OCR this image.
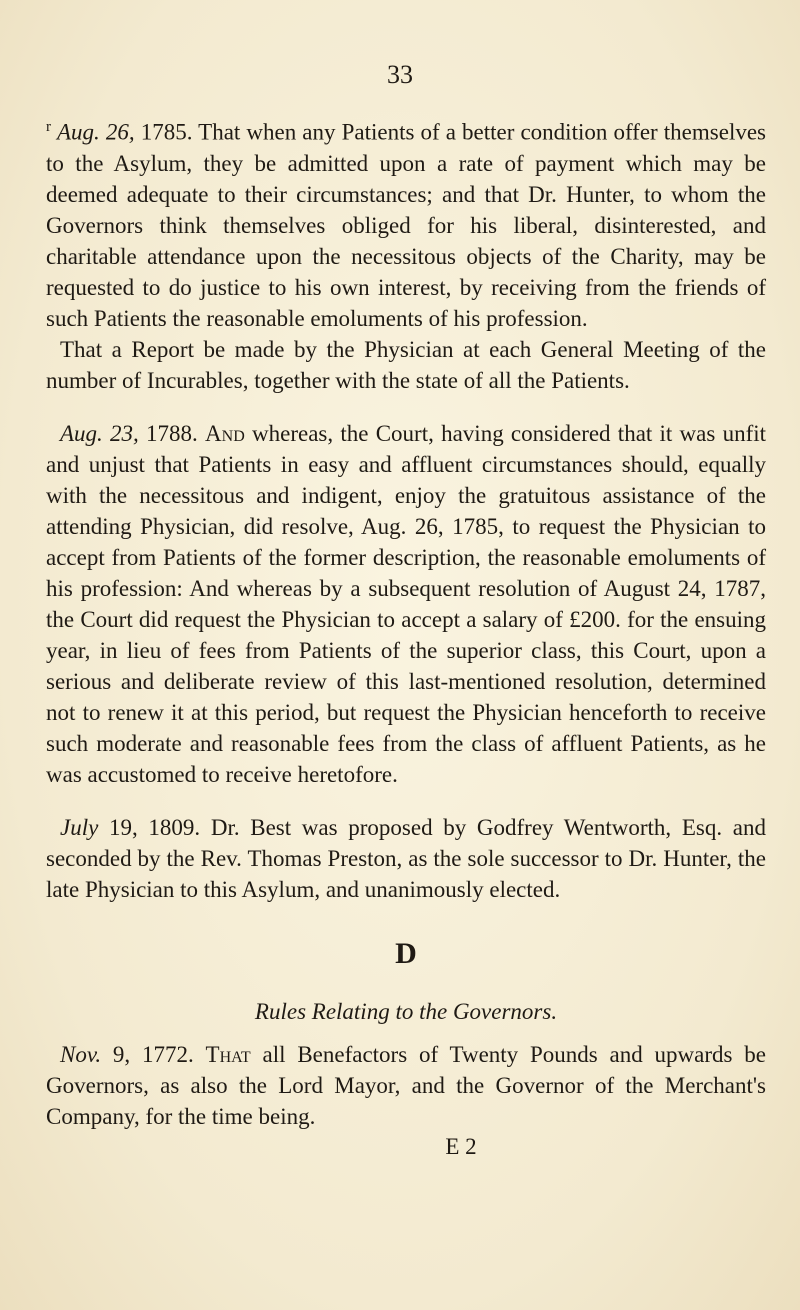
33

$^r$ Aug. 26, 1785. That when any Patients of a better condition offer themselves to the Asylum, they be admitted upon a rate of payment which may be deemed adequate to their circumstances; and that Dr. Hunter, to whom the Governors think themselves obliged for his liberal, disinterested, and charitable attendance upon the necessitous objects of the Charity, may be requested to do justice to his own interest, by receiving from the friends of such Patients the reasonable emoluments of his profession.

That a Report be made by the Physician at each General Meeting of the number of Incurables, together with the state of all the Patients.

Aug. 23, 1788. And whereas, the Court, having considered that it was unfit and unjust that Patients in easy and affluent circumstances should, equally with the necessitous and indigent, enjoy the gratuitous assistance of the attending Physician, did resolve, Aug. 26, 1785, to request the Physician to accept from Patients of the former description, the reasonable emoluments of his profession: And whereas by a subsequent resolution of August 24, 1787, the Court did request the Physician to accept a salary of £200. for the ensuing year, in lieu of fees from Patients of the superior class, this Court, upon a serious and deliberate review of this last-mentioned resolution, determined not to renew it at this period, but request the Physician henceforth to receive such moderate and reasonable fees from the class of affluent Patients, as he was accustomed to receive heretofore.

July 19, 1809. Dr. Best was proposed by Godfrey Wentworth, Esq. and seconded by the Rev. Thomas Preston, as the sole successor to Dr. Hunter, the late Physician to this Asylum, and unanimously elected.

D
Rules Relating to the Governors.

Nov. 9, 1772. That all Benefactors of Twenty Pounds and upwards be Governors, as also the Lord Mayor, and the Governor of the Merchant's Company, for the time being.

E 2
